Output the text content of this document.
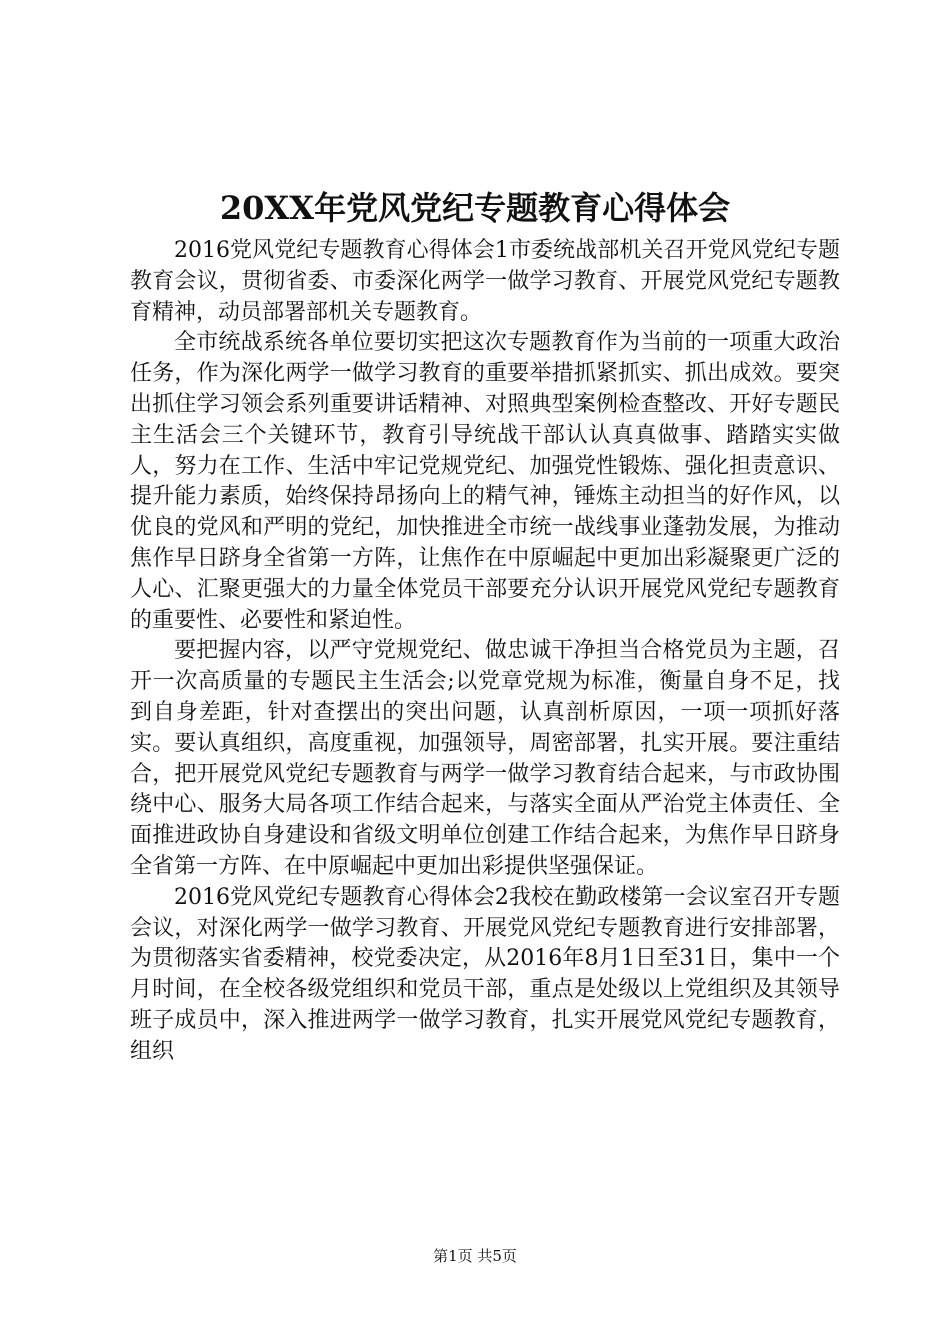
20XX年党风党纪专题教育心得体会

2016党风党纪专题教育心得体会1市委统战部机关召开党风党纪专题教育会议，贯彻省委、市委深化两学一做学习教育、开展党风党纪专题教育精神，动员部署部机关专题教育。

全市统战系统各单位要切实把这次专题教育作为当前的一项重大政治任务，作为深化两学一做学习教育的重要举措抓紧抓实、抓出成效。要突出抓住学习领会系列重要讲话精神、对照典型案例检查整改、开好专题民主生活会三个关键环节，教育引导统战干部认认真真做事、踏踏实实做人，努力在工作、生活中牢记党规党纪、加强党性锻炼、强化担责意识、提升能力素质，始终保持昂扬向上的精气神，锤炼主动担当的好作风，以优良的党风和严明的党纪，加快推进全市统一战线事业蓬勃发展，为推动焦作早日跻身全省第一方阵，让焦作在中原崛起中更加出彩凝聚更广泛的人心、汇聚更强大的力量全体党员干部要充分认识开展党风党纪专题教育的重要性、必要性和紧迫性。

要把握内容，以严守党规党纪、做忠诚干净担当合格党员为主题，召开一次高质量的专题民主生活会;以党章党规为标准，衡量自身不足，找到自身差距，针对查摆出的突出问题，认真剖析原因，一项一项抓好落实。要认真组织，高度重视，加强领导，周密部署，扎实开展。要注重结合，把开展党风党纪专题教育与两学一做学习教育结合起来，与市政协围绕中心、服务大局各项工作结合起来，与落实全面从严治党主体责任、全面推进政协自身建设和省级文明单位创建工作结合起来，为焦作早日跻身全省第一方阵、在中原崛起中更加出彩提供坚强保证。

2016党风党纪专题教育心得体会2我校在勤政楼第一会议室召开专题会议，对深化两学一做学习教育、开展党风党纪专题教育进行安排部署，为贯彻落实省委精神，校党委决定，从2016年8月1日至31日，集中一个月时间，在全校各级党组织和党员干部，重点是处级以上党组织及其领导班子成员中，深入推进两学一做学习教育，扎实开展党风党纪专题教育，组织

第1页 共5页
